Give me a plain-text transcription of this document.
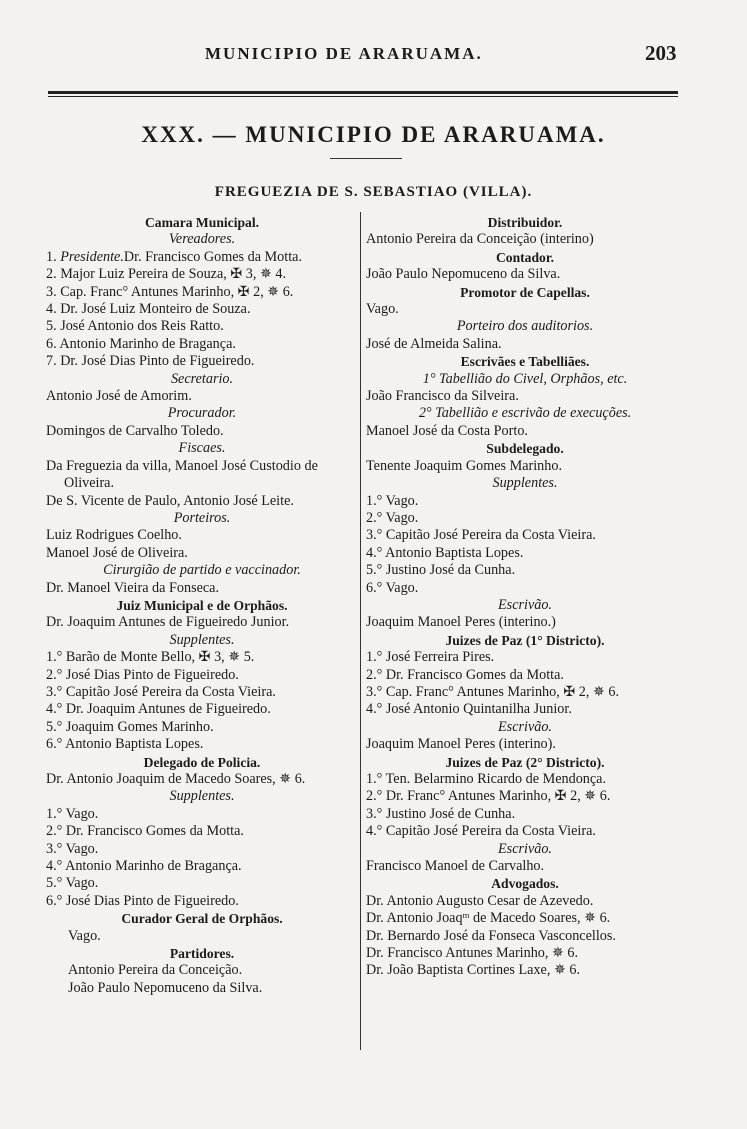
MUNICIPIO DE ARARUAMA.	203
XXX. — MUNICIPIO DE ARARUAMA.
FREGUEZIA DE S. SEBASTIAO (VILLA).
Camara Municipal.
Vereadores.
1. Presidente.Dr. Francisco Gomes da Motta.
2. Major Luiz Pereira de Souza, ✠ 3, ✵ 4.
3. Cap. Franc° Antunes Marinho, ✠ 2, ✵ 6.
4. Dr. José Luiz Monteiro de Souza.
5. José Antonio dos Reis Ratto.
6. Antonio Marinho de Bragança.
7. Dr. José Dias Pinto de Figueiredo.
Secretario.
Antonio José de Amorim.
Procurador.
Domingos de Carvalho Toledo.
Fiscaes.
Da Freguezia da villa, Manoel José Custodio de Oliveira.
De S. Vicente de Paulo, Antonio José Leite.
Porteiros.
Luiz Rodrigues Coelho.
Manoel José de Oliveira.
Cirurgião de partido e vaccinador.
Dr. Manoel Vieira da Fonseca.
Juiz Municipal e de Orphãos.
Dr. Joaquim Antunes de Figueiredo Junior.
Supplentes.
1.° Barão de Monte Bello, ✠ 3, ✵ 5.
2.° José Dias Pinto de Figueiredo.
3.° Capitão José Pereira da Costa Vieira.
4.° Dr. Joaquim Antunes de Figueiredo.
5.° Joaquim Gomes Marinho.
6.° Antonio Baptista Lopes.
Delegado de Policia.
Dr. Antonio Joaquim de Macedo Soares, ✵ 6.
Supplentes.
1.° Vago.
2.° Dr. Francisco Gomes da Motta.
3.° Vago.
4.° Antonio Marinho de Bragança.
5.° Vago.
6.° José Dias Pinto de Figueiredo.
Curador Geral de Orphãos.
Vago.
Partidores.
Antonio Pereira da Conceição.
João Paulo Nepomuceno da Silva.
Distribuidor.
Antonio Pereira da Conceição (interino)
Contador.
João Paulo Nepomuceno da Silva.
Promotor de Capellas.
Vago.
Porteiro dos auditorios.
José de Almeida Salina.
Escrivães e Tabelliães.
1° Tabellião do Civel, Orphãos, etc.
João Francisco da Silveira.
2° Tabellião e escrivão de execuções.
Manoel José da Costa Porto.
Subdelegado.
Tenente Joaquim Gomes Marinho.
Supplentes.
1.° Vago.
2.° Vago.
3.° Capitão José Pereira da Costa Vieira.
4.° Antonio Baptista Lopes.
5.° Justino José da Cunha.
6.° Vago.
Escrivão.
Joaquim Manoel Peres (interino.)
Juizes de Paz (1° Districto).
1.° José Ferreira Pires.
2.° Dr. Francisco Gomes da Motta.
3.° Cap. Franc° Antunes Marinho, ✠ 2, ✵ 6.
4.° José Antonio Quintanilha Junior.
Escrivão.
Joaquim Manoel Peres (interino).
Juizes de Paz (2° Districto).
1.° Ten. Belarmino Ricardo de Mendonça.
2.° Dr. Franc° Antunes Marinho, ✠ 2, ✵ 6.
3.° Justino José de Cunha.
4.° Capitão José Pereira da Costa Vieira.
Escrivão.
Francisco Manoel de Carvalho.
Advogados.
Dr. Antonio Augusto Cesar de Azevedo.
Dr. Antonio Joaqᵐ de Macedo Soares, ✵ 6.
Dr. Bernardo José da Fonseca Vasconcellos.
Dr. Francisco Antunes Marinho, ✵ 6.
Dr. João Baptista Cortines Laxe, ✵ 6.
